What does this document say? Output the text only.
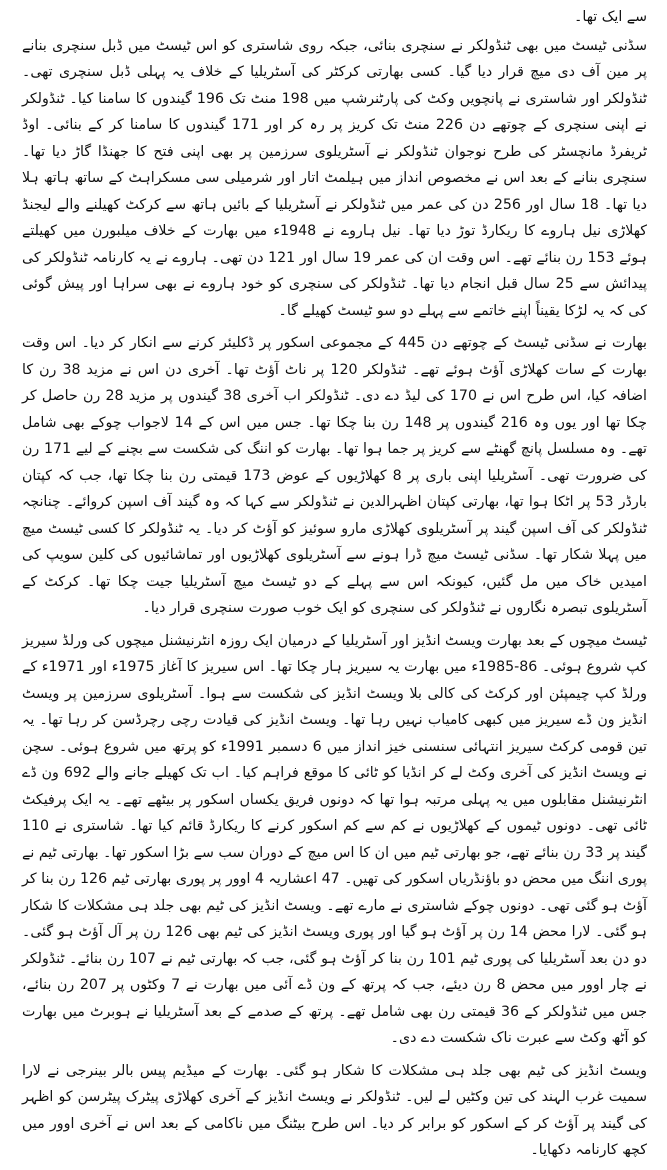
سے ایک تھا۔

سڈنی ٹیسٹ میں بھی ٹنڈولکر نے سنچری بنائی، جبکہ روی شاستری کو اس ٹیسٹ میں ڈبل سنچری بنانے پر مین آف دی میچ قرار دیا گیا۔ کسی بھارتی کرکٹر کی آسٹریلیا کے خلاف یہ پہلی ڈبل سنچری تھی۔ ٹنڈولکر اور شاستری نے پانچویں وکٹ کی پارٹنرشپ میں 198 منٹ تک 196 گیندوں کا سامنا کیا۔ ٹنڈولکر نے اپنی سنچری کے چوتھے دن 226 منٹ تک کریز پر رہ کر اور 171 گیندوں کا سامنا کر کے بنائی۔ اوڈ ٹریفرڈ مانچسٹر کی طرح نوجوان ٹنڈولکر نے آسٹریلوی سرزمین پر بھی اپنی فتح کا جھنڈا گاڑ دیا تھا۔ سنچری بنانے کے بعد اس نے مخصوص انداز میں ہیلمٹ اتار اور شرمیلی سی مسکراہٹ کے ساتھ ہاتھ ہلا دیا تھا۔ 18 سال اور 256 دن کی عمر میں ٹنڈولکر نے آسٹریلیا کے بائیں ہاتھ سے کرکٹ کھیلنے والے لیجنڈ کھلاڑی نیل ہاروے کا ریکارڈ توڑ دیا تھا۔ نیل ہاروے نے 1948ء میں بھارت کے خلاف میلبورن میں کھیلتے ہوئے 153 رن بنائے تھے۔ اس وقت ان کی عمر 19 سال اور 121 دن تھی۔ ہاروے نے یہ کارنامہ ٹنڈولکر کی پیدائش سے 25 سال قبل انجام دیا تھا۔ ٹنڈولکر کی سنچری کو خود ہاروے نے بھی سراہا اور پیش گوئی کی کہ یہ لڑکا یقیناً اپنے خاتمے سے پہلے دو سو ٹیسٹ کھیلے گا۔

بھارت نے سڈنی ٹیسٹ کے چوتھے دن 445 کے مجموعی اسکور پر ڈکلیئر کرنے سے انکار کر دیا۔ اس وقت بھارت کے سات کھلاڑی آؤٹ ہوئے تھے۔ ٹنڈولکر 120 پر ناٹ آؤٹ تھا۔ آخری دن اس نے مزید 38 رن کا اضافہ کیا، اس طرح اس نے 170 کی لیڈ دے دی۔ ٹنڈولکر اب آخری 38 گیندوں پر مزید 28 رن حاصل کر چکا تھا اور یوں وہ 216 گیندوں پر 148 رن بنا چکا تھا۔ جس میں اس کے 14 لاجواب چوکے بھی شامل تھے۔ وہ مسلسل پانچ گھنٹے سے کریز پر جما ہوا تھا۔ بھارت کو اننگ کی شکست سے بچنے کے لیے 171 رن کی ضرورت تھی۔ آسٹریلیا اپنی باری پر 8 کھلاڑیوں کے عوض 173 قیمتی رن بنا چکا تھا، جب کہ کپتان بارڈر 53 پر اٹکا ہوا تھا، بھارتی کپتان اظہرالدین نے ٹنڈولکر سے کہا کہ وہ گیند آف اسپن کروائے۔ چنانچہ ٹنڈولکر کی آف اسپن گیند پر آسٹریلوی کھلاڑی مارو سوئیز کو آؤٹ کر دیا۔ یہ ٹنڈولکر کا کسی ٹیسٹ میچ میں پہلا شکار تھا۔ سڈنی ٹیسٹ میچ ڈرا ہونے سے آسٹریلوی کھلاڑیوں اور تماشائیوں کی کلین سویپ کی امیدیں خاک میں مل گئیں، کیونکہ اس سے پہلے کے دو ٹیسٹ میچ آسٹریلیا جیت چکا تھا۔ کرکٹ کے آسٹریلوی تبصرہ نگاروں نے ٹنڈولکر کی سنچری کو ایک خوب صورت سنچری قرار دیا۔

ٹیسٹ میچوں کے بعد بھارت ویسٹ انڈیز اور آسٹریلیا کے درمیان ایک روزہ انٹرنیشنل میچوں کی ورلڈ سیریز کپ شروع ہوئی۔ 86-1985ء میں بھارت یہ سیریز ہار چکا تھا۔ اس سیریز کا آغاز 1975ء اور 1971ء کے ورلڈ کپ چیمپئن اور کرکٹ کی کالی بلا ویسٹ انڈیز کی شکست سے ہوا۔ آسٹریلوی سرزمین پر ویسٹ انڈیز ون ڈے سیریز میں کبھی کامیاب نہیں رہا تھا۔ ویسٹ انڈیز کی قیادت رچی رچرڈسن کر رہا تھا۔ یہ تین قومی کرکٹ سیریز انتہائی سنسنی خیز انداز میں 6 دسمبر 1991ء کو پرتھ میں شروع ہوئی۔ سچن نے ویسٹ انڈیز کی آخری وکٹ لے کر انڈیا کو ٹائی کا موقع فراہم کیا۔ اب تک کھیلے جانے والے 692 ون ڈے انٹرنیشنل مقابلوں میں یہ پہلی مرتبہ ہوا تھا کہ دونوں فریق یکساں اسکور پر بیٹھے تھے۔ یہ ایک پرفیکٹ ٹائی تھی۔ دونوں ٹیموں کے کھلاڑیوں نے کم سے کم اسکور کرنے کا ریکارڈ قائم کیا تھا۔ شاستری نے 110 گیند پر 33 رن بنائے تھے، جو بھارتی ٹیم میں ان کا اس میچ کے دوران سب سے بڑا اسکور تھا۔ بھارتی ٹیم نے پوری اننگ میں محض دو باؤنڈریاں اسکور کی تھیں۔ 47 اعشاریہ 4 اوور پر پوری بھارتی ٹیم 126 رن بنا کر آؤٹ ہو گئی تھی۔ دونوں چوکے شاستری نے مارے تھے۔ ویسٹ انڈیز کی ٹیم بھی جلد ہی مشکلات کا شکار ہو گئی۔ لارا محض 14 رن پر آؤٹ ہو گیا اور پوری ویسٹ انڈیز کی ٹیم بھی 126 رن پر آل آؤٹ ہو گئی۔ دو دن بعد آسٹریلیا کی پوری ٹیم 101 رن بنا کر آؤٹ ہو گئی، جب کہ بھارتی ٹیم نے 107 رن بنائے۔ ٹنڈولکر نے چار اوور میں محض 8 رن دیئے، جب کہ پرتھ کے ون ڈے آئی میں بھارت نے 7 وکٹوں پر 207 رن بنائے، جس میں ٹنڈولکر کے 36 قیمتی رن بھی شامل تھے۔ پرتھ کے صدمے کے بعد آسٹریلیا نے ہوبرٹ میں بھارت کو آٹھ وکٹ سے عبرت ناک شکست دے دی۔

ویسٹ انڈیز کی ٹیم بھی جلد ہی مشکلات کا شکار ہو گئی۔ بھارت کے میڈیم پیس بالر بینرجی نے لارا سمیت غرب الہند کی تین وکٹیں لے لیں۔ ٹنڈولکر نے ویسٹ انڈیز کے آخری کھلاڑی پیٹرک پیٹرسن کو اظہر کی گیند پر آؤٹ کر کے اسکور کو برابر کر دیا۔ اس طرح بیٹنگ میں ناکامی کے بعد اس نے آخری اوور میں کچھ کارنامہ دکھایا۔
